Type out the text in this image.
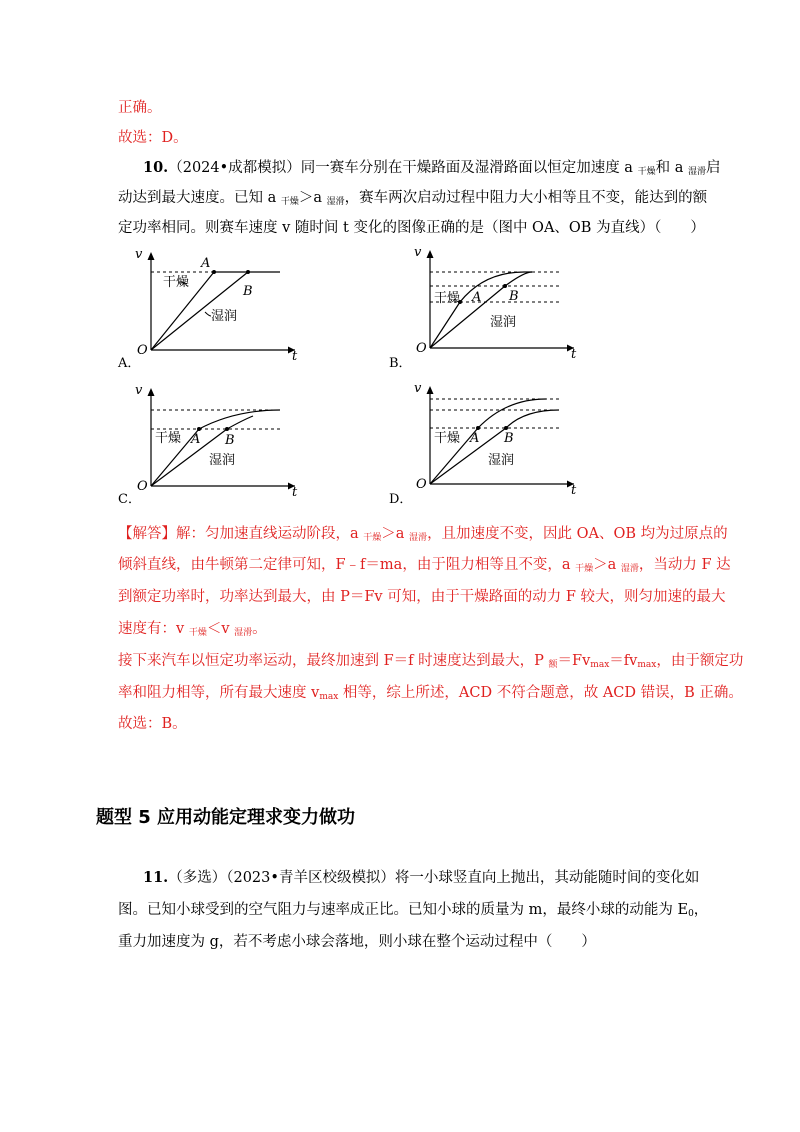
正确。
故选：D。
10.（2024•成都模拟）同一赛车分别在干燥路面及湿滑路面以恒定加速度 a $_{干燥}$和 a $_{湿滑}$启
动达到最大速度。已知 a $_{干燥}$＞a $_{湿滑}$，赛车两次启动过程中阻力大小相等且不变，能达到的额
定功率相同。则赛车速度 v 随时间 t 变化的图像正确的是（图中 OA、OB 为直线）（　　）
v
t
O
A
B
干燥
湿润
A．
v
t
O
A B
干燥
湿润
B．
v
t
O
A B
干燥
湿润
C．
v
t
O
A B
干燥
湿润
D．
【解答】解：匀加速直线运动阶段，a $_{干燥}$＞a $_{湿滑}$，且加速度不变，因此 OA、OB 均为过原点的
倾斜直线，由牛顿第二定律可知，F﹣f＝ma，由于阻力相等且不变，a $_{干燥}$＞a $_{湿滑}$，当动力 F 达
到额定功率时，功率达到最大，由 P＝Fv 可知，由于干燥路面的动力 F 较大，则匀加速的最大
速度有：v $_{干燥}$＜v $_{湿滑}$。
接下来汽车以恒定功率运动，最终加速到 F＝f 时速度达到最大，P $_额=Fv_{max}=fv_{max}$，由于额定功
率和阻力相等，所有最大速度 $v_{max}$ 相等，综上所述，ACD 不符合题意，故 ACD 错误，B 正确。
故选：B。
题型 5 应用动能定理求变力做功
11.（多选）（2023•青羊区校级模拟）将一小球竖直向上抛出，其动能随时间的变化如
图。已知小球受到的空气阻力与速率成正比。已知小球的质量为 m，最终小球的动能为 $E_0$，
重力加速度为 g，若不考虑小球会落地，则小球在整个运动过程中（　　）
